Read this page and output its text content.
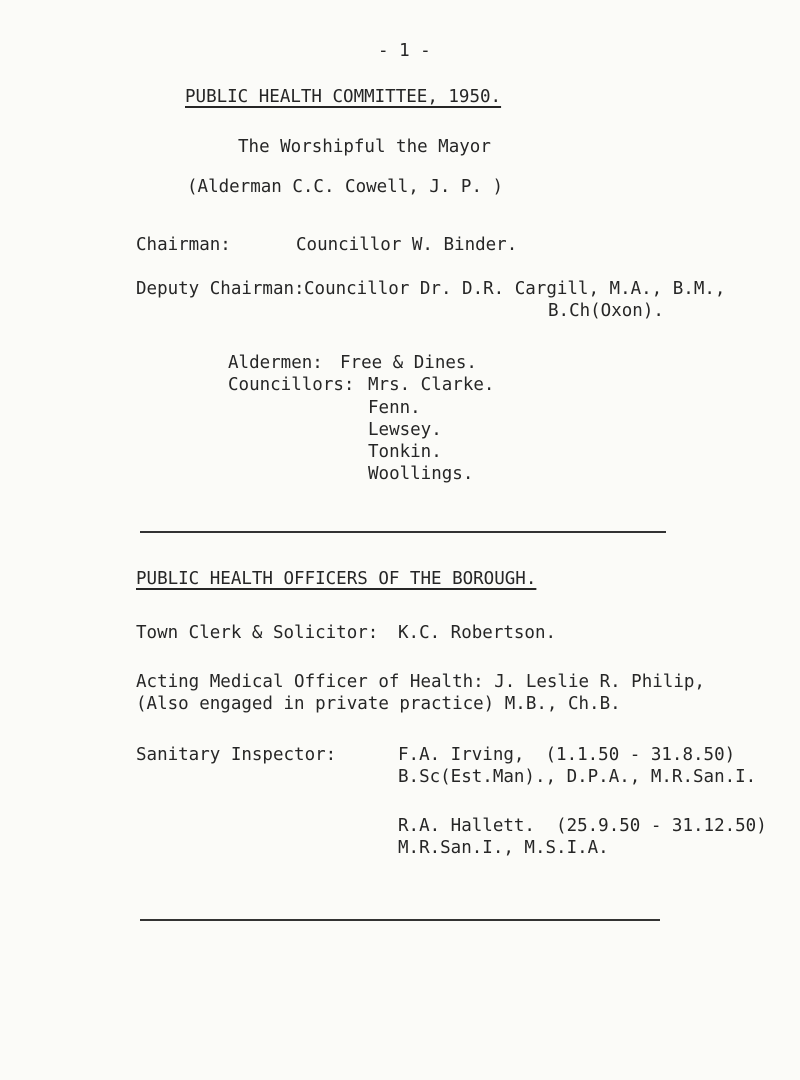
- 1 -
PUBLIC HEALTH COMMITTEE, 1950.
The Worshipful the Mayor
(Alderman C.C. Cowell, J. P. )
Chairman:	Councillor W. Binder.
Deputy Chairman: Councillor Dr. D.R. Cargill, M.A., B.M.,
B.Ch(Oxon).
Aldermen: Free & Dines.
Councillors: Mrs. Clarke.
Fenn.
Lewsey.
Tonkin.
Woollings.
PUBLIC HEALTH OFFICERS OF THE BOROUGH.
Town Clerk & Solicitor: K.C. Robertson.
Acting Medical Officer of Health: J. Leslie R. Philip,
(Also engaged in private practice) M.B., Ch.B.
Sanitary Inspector:	F.A. Irving,  (1.1.50 - 31.8.50)
B.Sc(Est.Man)., D.P.A., M.R.San.I.
R.A. Hallett.  (25.9.50 - 31.12.50)
M.R.San.I., M.S.I.A.
